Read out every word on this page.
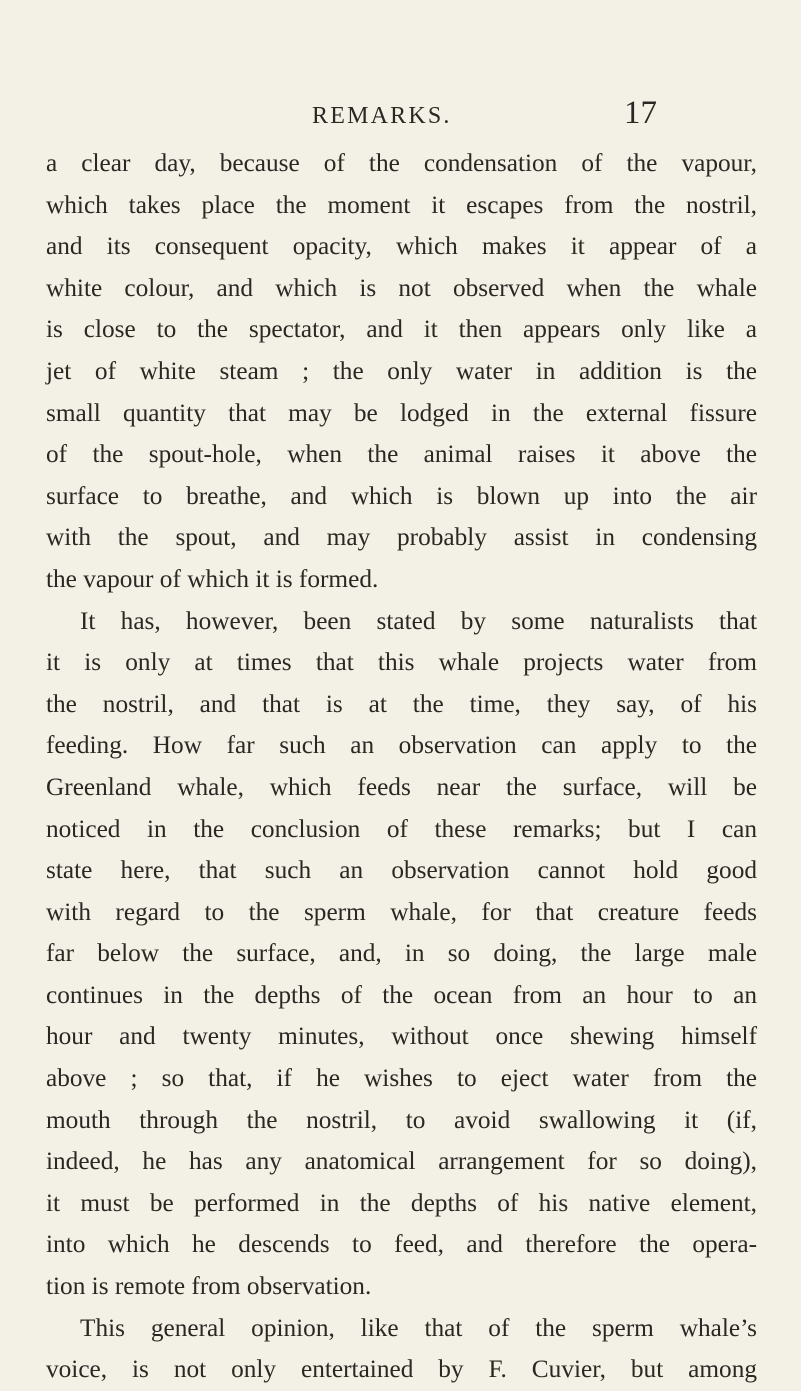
REMARKS.	17
a clear day, because of the condensation of the vapour,
which takes place the moment it escapes from the nostril,
and its consequent opacity, which makes it appear of a
white colour, and which is not observed when the whale
is close to the spectator, and it then appears only like a
jet of white steam ; the only water in addition is the
small quantity that may be lodged in the external fissure
of the spout-hole, when the animal raises it above the
surface to breathe, and which is blown up into the air
with the spout, and may probably assist in condensing
the vapour of which it is formed.
It has, however, been stated by some naturalists that
it is only at times that this whale projects water from
the nostril, and that is at the time, they say, of his
feeding. How far such an observation can apply to the
Greenland whale, which feeds near the surface, will be
noticed in the conclusion of these remarks; but I can
state here, that such an observation cannot hold good
with regard to the sperm whale, for that creature feeds
far below the surface, and, in so doing, the large male
continues in the depths of the ocean from an hour to an
hour and twenty minutes, without once shewing himself
above ; so that, if he wishes to eject water from the
mouth through the nostril, to avoid swallowing it (if,
indeed, he has any anatomical arrangement for so doing),
it must be performed in the depths of his native element,
into which he descends to feed, and therefore the opera-
tion is remote from observation.
This general opinion, like that of the sperm whale’s
voice, is not only entertained by F. Cuvier, but among
